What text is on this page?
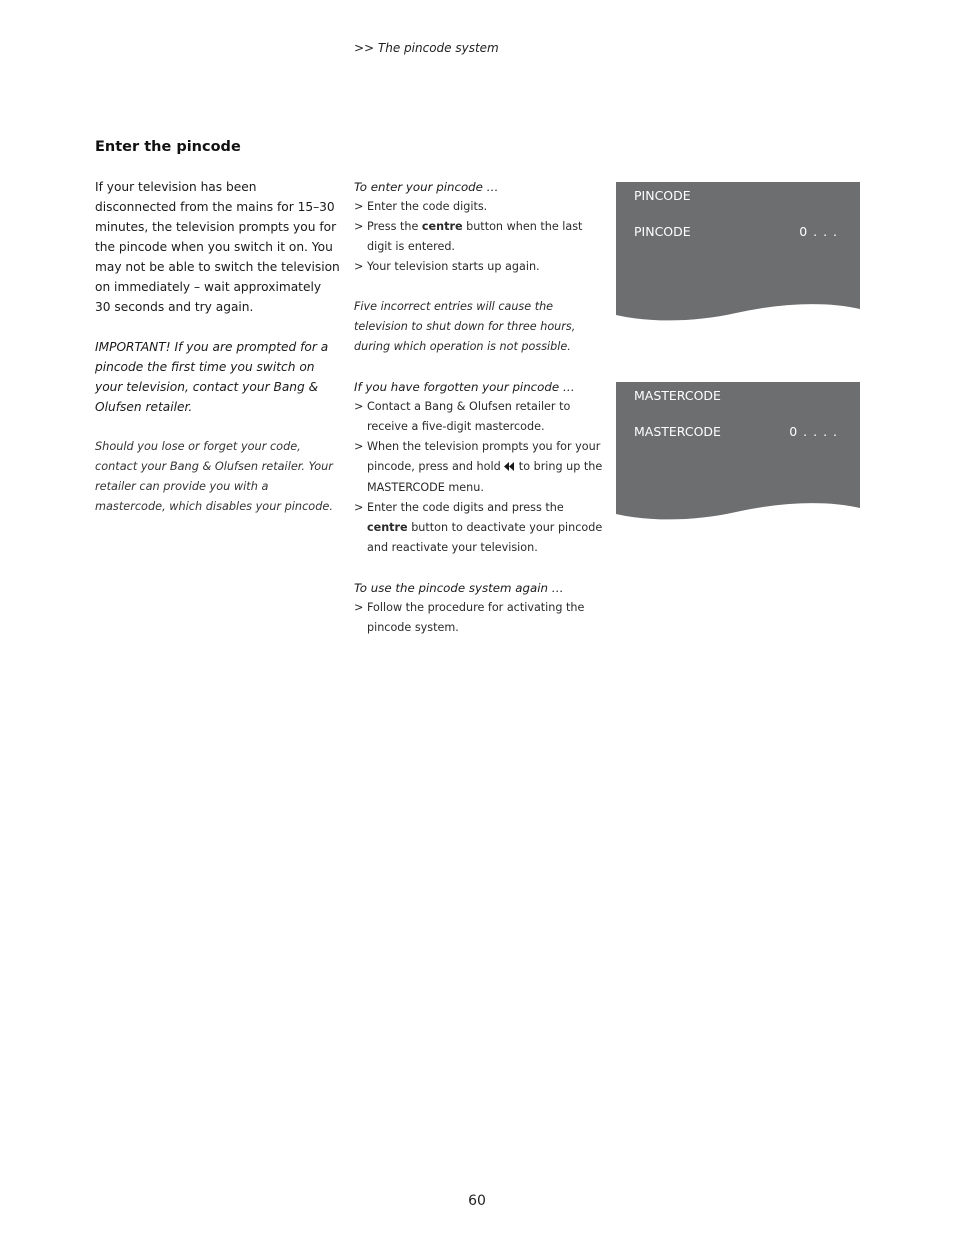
>> The pincode system
Enter the pincode

If your television has been disconnected from the mains for 15–30 minutes, the television prompts you for the pincode when you switch it on. You may not be able to switch the television on immediately – wait approximately 30 seconds and try again.

IMPORTANT! If you are prompted for a pincode the first time you switch on your television, contact your Bang & Olufsen retailer.

Should you lose or forget your code, contact your Bang & Olufsen retailer. Your retailer can provide you with a mastercode, which disables your pincode.

To enter your pincode …
> Enter the code digits.
> Press the centre button when the last digit is entered.
> Your television starts up again.
Five incorrect entries will cause the television to shut down for three hours, during which operation is not possible.
If you have forgotten your pincode …
> Contact a Bang & Olufsen retailer to receive a five-digit mastercode.
> When the television prompts you for your pincode, press and hold  to bring up the MASTERCODE menu.
> Enter the code digits and press the centre button to deactivate your pincode and reactivate your television.
To use the pincode system again …
> Follow the procedure for activating the pincode system.
PINCODE
PINCODE	0 . . .
MASTERCODE
MASTERCODE	0 . . . .
60
